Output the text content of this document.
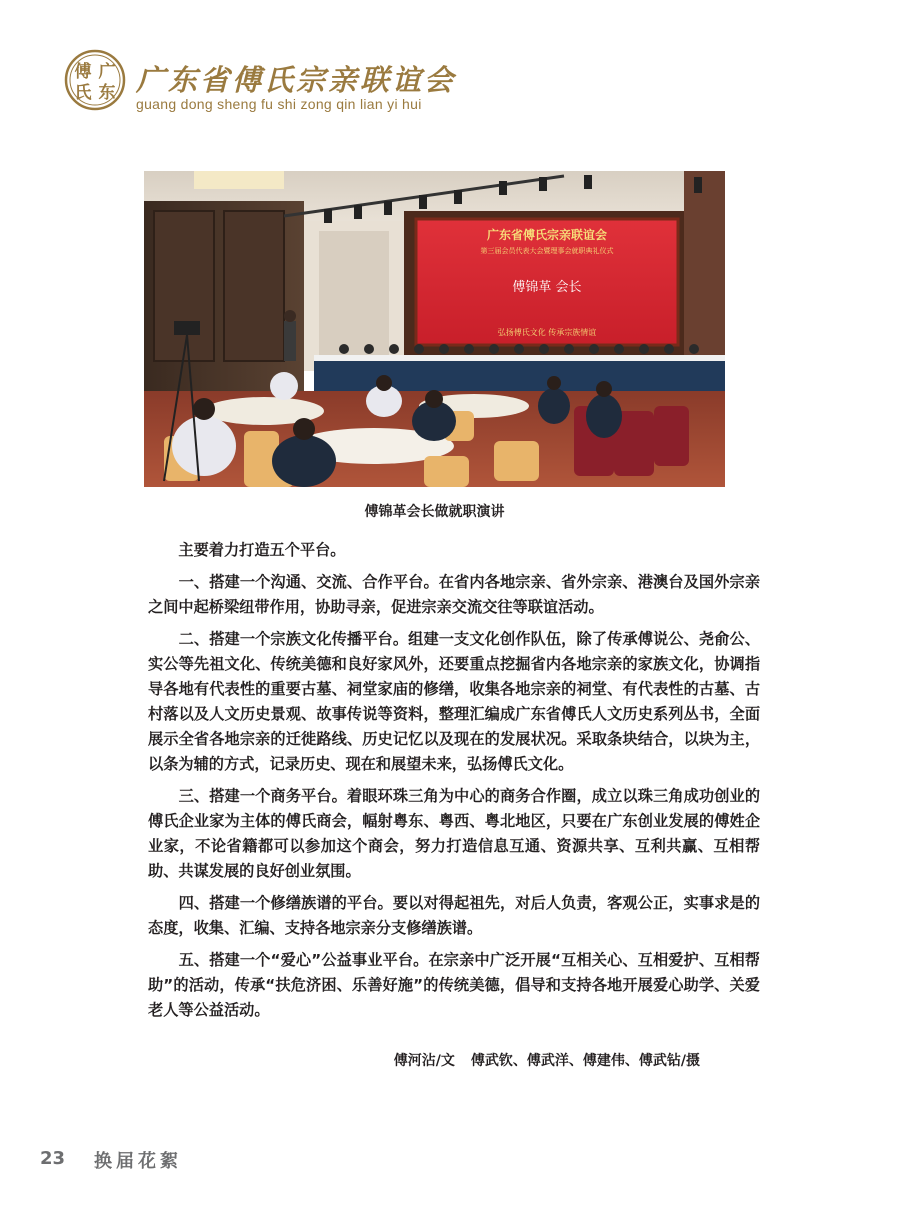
傅 广
氏 东 广东省傅氏宗亲联谊会
guang dong sheng fu shi zong qin lian yi hui
广东省傅氏宗亲联谊会
第三届会员代表大会暨理事会就职典礼仪式
傅锦革 会长
弘扬傅氏文化 传承宗族情谊
傅锦革会长做就职演讲

　　主要着力打造五个平台。

　　一、搭建一个沟通、交流、合作平台。在省内各地宗亲、省外宗亲、港澳台及国外宗亲之间中起桥梁纽带作用，协助寻亲，促进宗亲交流交往等联谊活动。

　　二、搭建一个宗族文化传播平台。组建一支文化创作队伍，除了传承傅说公、尧俞公、实公等先祖文化、传统美德和良好家风外，还要重点挖掘省内各地宗亲的家族文化，协调指导各地有代表性的重要古墓、祠堂家庙的修缮，收集各地宗亲的祠堂、有代表性的古墓、古村落以及人文历史景观、故事传说等资料，整理汇编成广东省傅氏人文历史系列丛书，全面展示全省各地宗亲的迁徙路线、历史记忆以及现在的发展状况。采取条块结合，以块为主，以条为辅的方式，记录历史、现在和展望未来，弘扬傅氏文化。

　　三、搭建一个商务平台。着眼环珠三角为中心的商务合作圈，成立以珠三角成功创业的傅氏企业家为主体的傅氏商会，幅射粤东、粤西、粤北地区，只要在广东创业发展的傅姓企业家，不论省籍都可以参加这个商会，努力打造信息互通、资源共享、互利共赢、互相帮助、共谋发展的良好创业氛围。

　　四、搭建一个修缮族谱的平台。要以对得起祖先，对后人负责，客观公正，实事求是的态度，收集、汇编、支持各地宗亲分支修缮族谱。

　　五、搭建一个“爱心”公益事业平台。在宗亲中广泛开展“互相关心、互相爱护、互相帮助”的活动，传承“扶危济困、乐善好施”的传统美德，倡导和支持各地开展爱心助学、关爱老人等公益活动。

傅河沾/文 傅武钦、傅武洋、傅建伟、傅武钻/摄
23 换届花絮
